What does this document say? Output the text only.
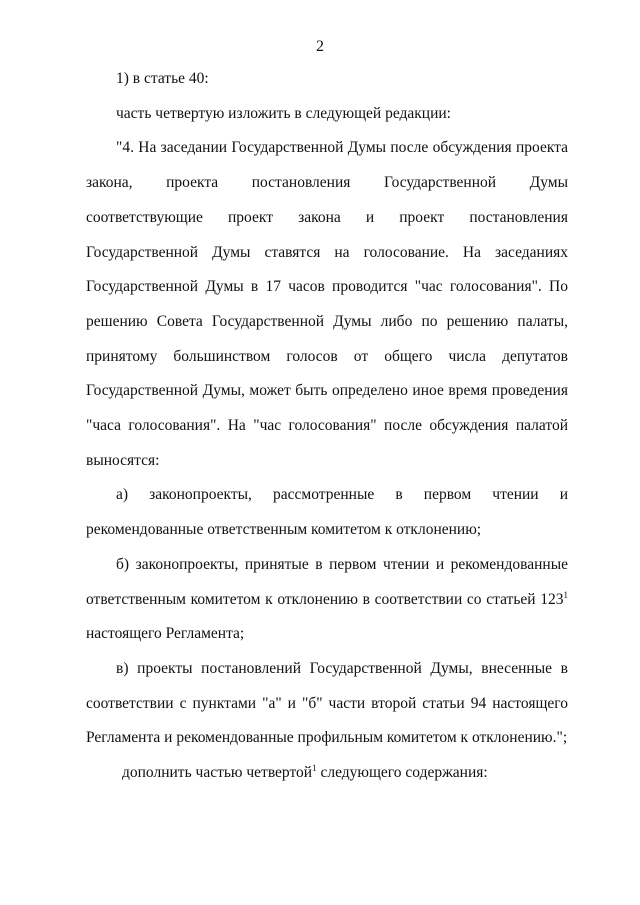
2

1) в статье 40:

часть четвертую изложить в следующей редакции:

"4. На заседании Государственной Думы после обсуждения проекта закона, проекта постановления Государственной Думы соответствующие проект закона и проект постановления Государственной Думы ставятся на голосование. На заседаниях Государственной Думы в 17 часов проводится "час голосования". По решению Совета Государственной Думы либо по решению палаты, принятому большинством голосов от общего числа депутатов Государственной Думы, может быть определено иное время проведения "часа голосования". На "час голосования" после обсуждения палатой выносятся:

а) законопроекты, рассмотренные в первом чтении и рекомендованные ответственным комитетом к отклонению;

б) законопроекты, принятые в первом чтении и рекомендованные ответственным комитетом к отклонению в соответствии со статьей $123^1$ настоящего Регламента;

в) проекты постановлений Государственной Думы, внесенные в соответствии с пунктами "а" и "б" части второй статьи 94 настоящего Регламента и рекомендованные профильным комитетом к отклонению.";

дополнить частью четвертой$^1$ следующего содержания:
